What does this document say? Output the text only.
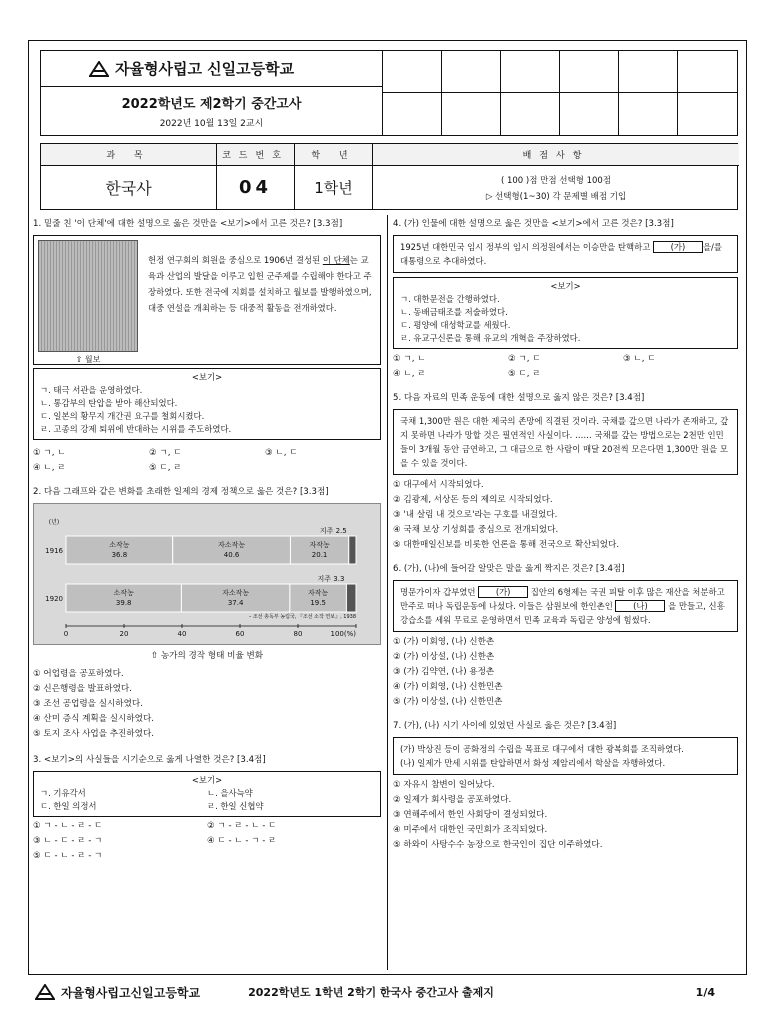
자율형사립고 신일고등학교
2022학년도 제2학기 중간고사
2022년 10월 13일 2교시
과 목	코드번호	학 년	배점사항
한국사	04	1학년	( 100 )점 만점 선택형 100점
▷ 선택형(1~30) 각 문제별 배점 기입
1. 밑줄 친 '이 단체'에 대한 설명으로 옳은 것만을 <보기>에서 고른 것은? [3.3점]
⇧ 월보
헌정 연구회의 회원을 중심으로 1906년 결성된 이 단체는 교육과 산업의 발달을 이루고 입헌 군주제를 수립해야 한다고 주장하였다. 또한 전국에 지회를 설치하고 월보를 발행하였으며, 대중 연설을 개최하는 등 대중적 활동을 전개하였다.
<보기>
ㄱ. 태극 서관을 운영하였다.
ㄴ. 통감부의 탄압을 받아 해산되었다.
ㄷ. 일본의 황무지 개간권 요구를 철회시켰다.
ㄹ. 고종의 강제 퇴위에 반대하는 시위를 주도하였다.
① ㄱ, ㄴ	② ㄱ, ㄷ	③ ㄴ, ㄷ
④ ㄴ, ㄹ	⑤ ㄷ, ㄹ
2. 다음 그래프와 같은 변화를 초래한 일제의 경제 정책으로 옳은 것은? [3.3점]
(년)
1916
소작농
36.8
자소작농
40.6
자작농
20.1
지주 2.5
1920
소작농
39.8
자소작농
37.4
자작농
19.5
지주 3.3
0	20	40	60	80	100(%)
– 조선 총독부 농림국, 『조선 소작 연보』, 1938
⇧ 농가의 경작 형태 비율 변화
① 어업령을 공포하였다.
② 신은행령을 발표하였다.
③ 조선 공업령을 실시하였다.
④ 산미 증식 계획을 실시하였다.
⑤ 토지 조사 사업을 추진하였다.
3. <보기>의 사실들을 시기순으로 옳게 나열한 것은? [3.4점]
<보기>
ㄱ. 기유각서	ㄴ. 을사늑약
ㄷ. 한일 의정서	ㄹ. 한일 신협약
① ㄱ - ㄴ - ㄹ - ㄷ	② ㄱ - ㄹ - ㄴ - ㄷ
③ ㄴ - ㄷ - ㄹ - ㄱ	④ ㄷ - ㄴ - ㄱ - ㄹ
⑤ ㄷ - ㄴ - ㄹ - ㄱ
4. (가) 인물에 대한 설명으로 옳은 것만을 <보기>에서 고른 것은? [3.3점]
1925년 대한민국 임시 정부의 임시 의정원에서는 이승만을 탄핵하고 (가) 을/를 대통령으로 추대하였다.
<보기>
ㄱ. 대한문전을 간행하였다.
ㄴ. 동배금태조를 저술하였다.
ㄷ. 평양에 대성학교를 세웠다.
ㄹ. 유교구신론을 통해 유교의 개혁을 주장하였다.
① ㄱ, ㄴ	② ㄱ, ㄷ	③ ㄴ, ㄷ
④ ㄴ, ㄹ	⑤ ㄷ, ㄹ
5. 다음 자료의 민족 운동에 대한 설명으로 옳지 않은 것은? [3.4점]
국채 1,300만 원은 대한 제국의 존망에 직결된 것이라. 국채를 갚으면 나라가 존재하고, 갚지 못하면 나라가 망할 것은 필연적인 사실이다. …… 국채를 갚는 방법으로는 2천만 인민들이 3개월 동안 금연하고, 그 대금으로 한 사람이 매달 20전씩 모은다면 1,300만 원을 모을 수 있을 것이다.
① 대구에서 시작되었다.
② 김광제, 서상돈 등의 제의로 시작되었다.
③ '내 살림 내 것으로'라는 구호를 내걸었다.
④ 국채 보상 기성회를 중심으로 전개되었다.
⑤ 대한매일신보를 비롯한 언론을 통해 전국으로 확산되었다.
6. (가), (나)에 들어갈 알맞은 말을 옳게 짝지은 것은? [3.4점]
명문가이자 갑부였던 (가) 집안의 6형제는 국권 피탈 이후 많은 재산을 처분하고 만주로 떠나 독립운동에 나섰다. 이들은 삼원보에 한인촌인 (나) 을 만들고, 신흥 강습소를 세워 무료로 운영하면서 민족 교육과 독립군 양성에 힘썼다.
① (가) 이회영, (나) 신한촌
② (가) 이상설, (나) 신한촌
③ (가) 김약연, (나) 용정촌
④ (가) 이회영, (나) 신한민촌
⑤ (가) 이상설, (나) 신한민촌
7. (가), (나) 시기 사이에 있었던 사실로 옳은 것은? [3.4점]
(가) 박상진 등이 공화정의 수립을 목표로 대구에서 대한 광복회를 조직하였다.
(나) 일제가 만세 시위를 탄압하면서 화성 제암리에서 학살을 자행하였다.
① 자유시 참변이 일어났다.
② 일제가 회사령을 공포하였다.
③ 연해주에서 한인 사회당이 결성되었다.
④ 미주에서 대한인 국민회가 조직되었다.
⑤ 하와이 사탕수수 농장으로 한국인이 집단 이주하였다.
자율형사립고신일고등학교	2022학년도 1학년 2학기 한국사 중간고사 출제지	1/4
